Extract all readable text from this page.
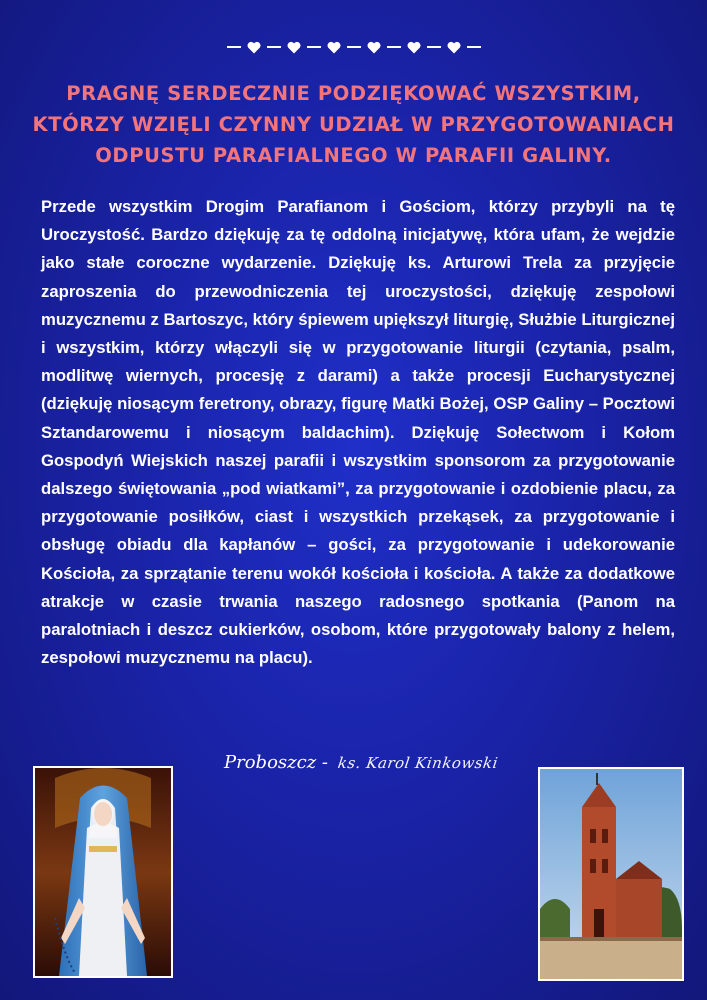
PRAGNĘ SERDECZNIE PODZIĘKOWAĆ WSZYSTKIM,
KTÓRZY WZIĘLI CZYNNY UDZIAŁ W PRZYGOTOWANIACH
ODPUSTU PARAFIALNEGO W PARAFII GALINY.

Przede wszystkim Drogim Parafianom i Gościom, którzy przybyli na tę Uroczystość. Bardzo dziękuję za tę oddolną inicjatywę, która ufam, że wejdzie jako stałe coroczne wydarzenie. Dziękuję ks. Arturowi Trela za przyjęcie zaproszenia do przewodniczenia tej uroczystości, dziękuję zespołowi muzycznemu z Bartoszyc, który śpiewem upiększył liturgię, Służbie Liturgicznej i wszystkim, którzy włączyli się w przygotowanie liturgii (czytania, psalm, modlitwę wiernych, procesję z darami) a także procesji Eucharystycznej (dziękuję niosącym feretrony, obrazy, figurę Matki Bożej, OSP Galiny – Pocztowi Sztandarowemu i niosącym baldachim). Dziękuję Sołectwom i Kołom Gospodyń Wiejskich naszej parafii i wszystkim sponsorom za przygotowanie dalszego świętowania „pod wiatkami”, za przygotowanie i ozdobienie placu, za przygotowanie posiłków, ciast i wszystkich przekąsek, za przygotowanie i obsługę obiadu dla kapłanów – gości, za przygotowanie i udekorowanie Kościoła, za sprzątanie terenu wokół kościoła i kościoła. A także za dodatkowe atrakcje w czasie trwania naszego radosnego spotkania (Panom na paralotniach i deszcz cukierków, osobom, które przygotowały balony z helem, zespołowi muzycznemu na placu).

Proboszcz - ks. Karol Kinkowski
